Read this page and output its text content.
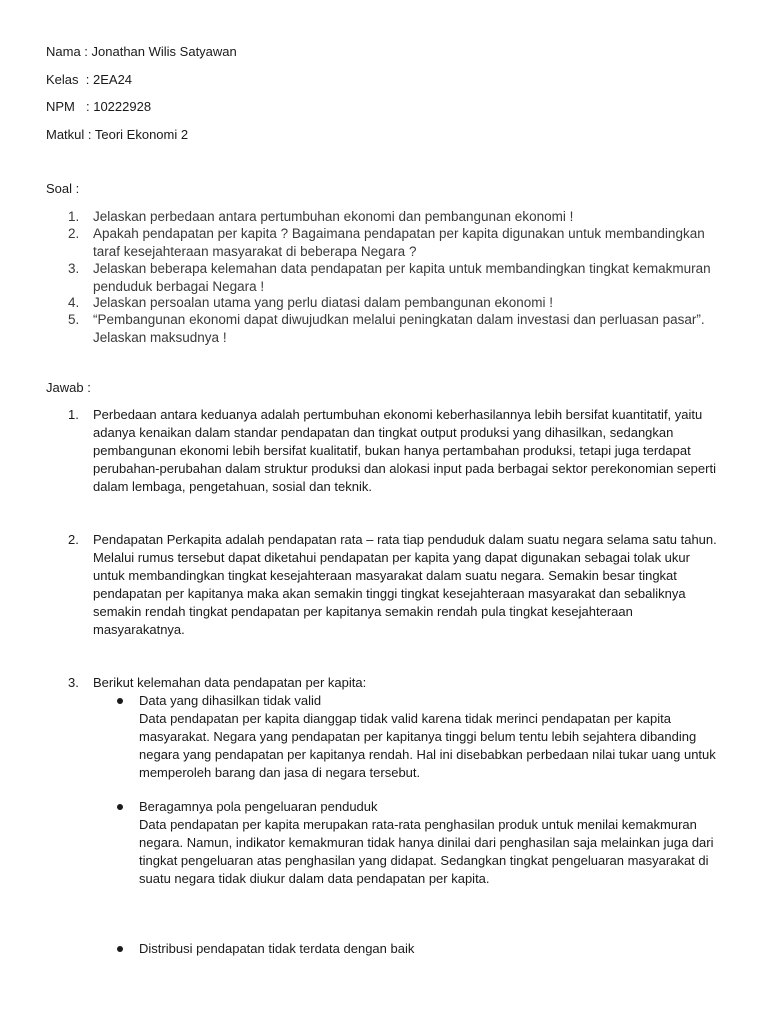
Nama : Jonathan Wilis Satyawan
Kelas  : 2EA24
NPM : 10222928
Matkul : Teori Ekonomi 2
Soal :
1. Jelaskan perbedaan antara pertumbuhan ekonomi dan pembangunan ekonomi !
2. Apakah pendapatan per kapita ? Bagaimana pendapatan per kapita digunakan untuk membandingkan
taraf kesejahteraan masyarakat di beberapa Negara ?
3. Jelaskan beberapa kelemahan data pendapatan per kapita untuk membandingkan tingkat kemakmuran
penduduk berbagai Negara !
4. Jelaskan persoalan utama yang perlu diatasi dalam pembangunan ekonomi !
5. “Pembangunan ekonomi dapat diwujudkan melalui peningkatan dalam investasi dan perluasan pasar”.
Jelaskan maksudnya !
Jawab :
1. Perbedaan antara keduanya adalah pertumbuhan ekonomi keberhasilannya lebih bersifat kuantitatif, yaitu
adanya kenaikan dalam standar pendapatan dan tingkat output produksi yang dihasilkan, sedangkan
pembangunan ekonomi lebih bersifat kualitatif, bukan hanya pertambahan produksi, tetapi juga terdapat
perubahan-perubahan dalam struktur produksi dan alokasi input pada berbagai sektor perekonomian seperti
dalam lembaga, pengetahuan, sosial dan teknik.
2. Pendapatan Perkapita adalah pendapatan rata – rata tiap penduduk dalam suatu negara selama satu tahun.
Melalui rumus tersebut dapat diketahui pendapatan per kapita yang dapat digunakan sebagai tolak ukur
untuk membandingkan tingkat kesejahteraan masyarakat dalam suatu negara. Semakin besar tingkat
pendapatan per kapitanya maka akan semakin tinggi tingkat kesejahteraan masyarakat dan sebaliknya
semakin rendah tingkat pendapatan per kapitanya semakin rendah pula tingkat kesejahteraan
masyarakatnya.
3. Berikut kelemahan data pendapatan per kapita:
Data yang dihasilkan tidak valid
Data pendapatan per kapita dianggap tidak valid karena tidak merinci pendapatan per kapita
masyarakat. Negara yang pendapatan per kapitanya tinggi belum tentu lebih sejahtera dibanding
negara yang pendapatan per kapitanya rendah. Hal ini disebabkan perbedaan nilai tukar uang untuk
memperoleh barang dan jasa di negara tersebut.
Beragamnya pola pengeluaran penduduk
Data pendapatan per kapita merupakan rata-rata penghasilan produk untuk menilai kemakmuran
negara. Namun, indikator kemakmuran tidak hanya dinilai dari penghasilan saja melainkan juga dari
tingkat pengeluaran atas penghasilan yang didapat. Sedangkan tingkat pengeluaran masyarakat di
suatu negara tidak diukur dalam data pendapatan per kapita.
Distribusi pendapatan tidak terdata dengan baik
